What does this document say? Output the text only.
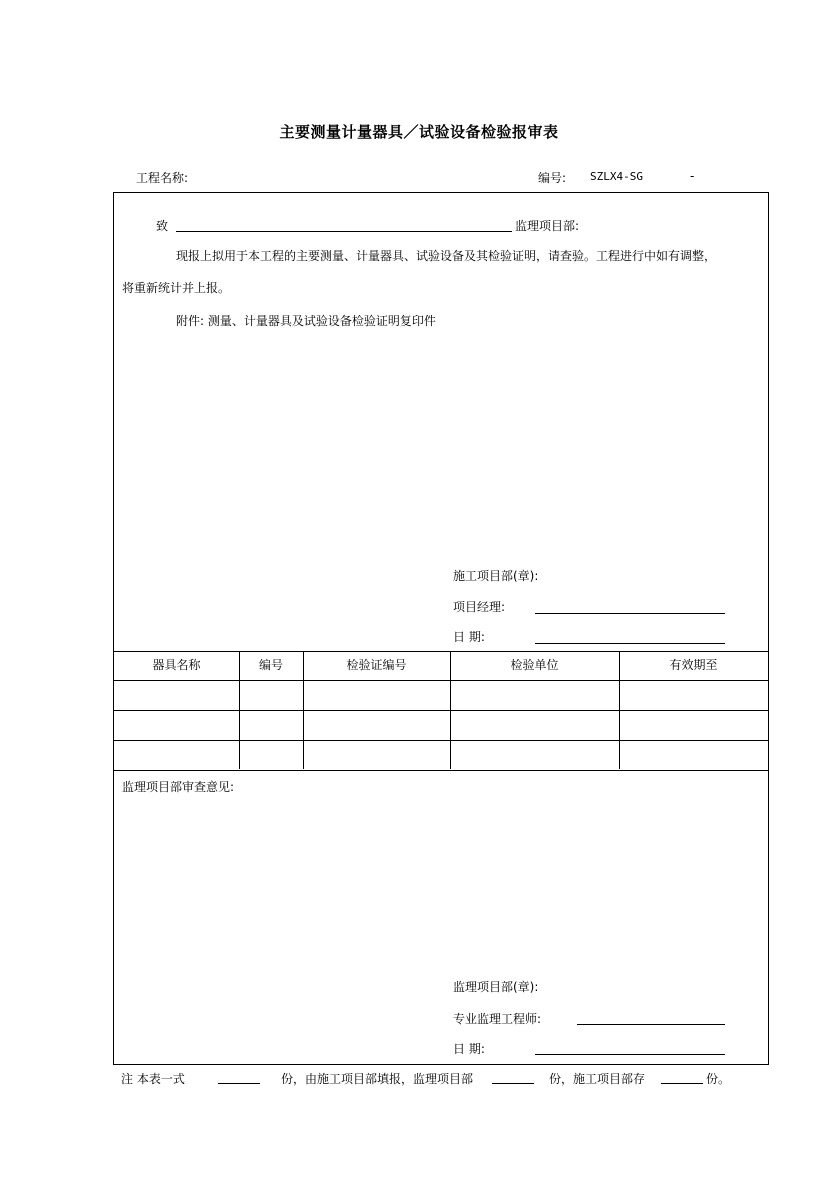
主要测量计量器具／试验设备检验报审表
工程名称:	编号: SZLX4-SG	-
致	监理项目部:
现报上拟用于本工程的主要测量、计量器具、试验设备及其检验证明，请查验。工程进行中如有调整，
将重新统计并上报。
附件: 测量、计量器具及试验设备检验证明复印件
施工项目部(章):
项目经理:
日 期:
器具名称	编号	检验证编号	检验单位	有效期至
监理项目部审查意见:
监理项目部(章):
专业监理工程师:
日 期:
注 本表一式	份，由施工项目部填报，监理项目部	份，施工项目部存	份。
